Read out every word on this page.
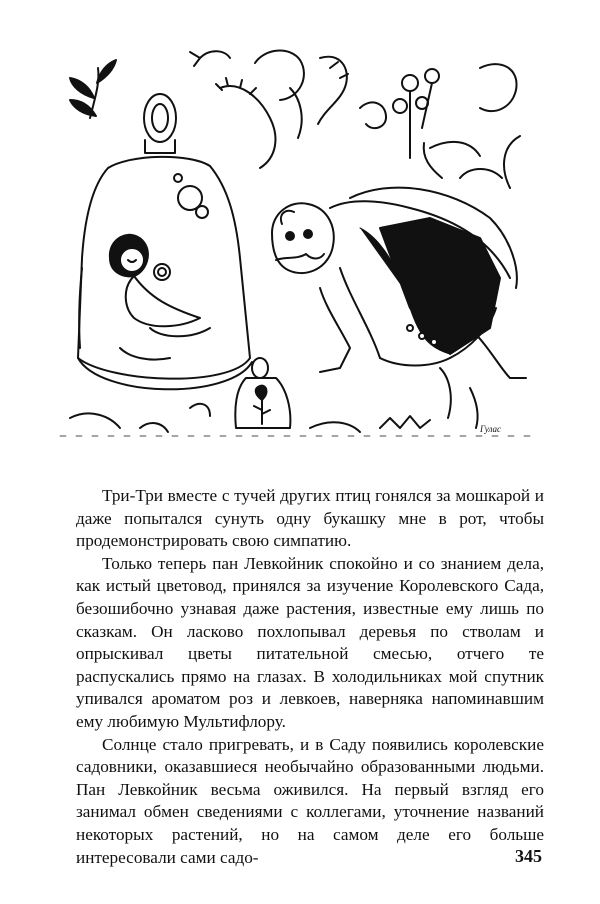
Гулас

Три-Три вместе с тучей других птиц гонялся за мошкарой и даже попытался сунуть одну букашку мне в рот, чтобы продемонстрировать свою симпатию.

Только теперь пан Левкойник спокойно и со знанием дела, как истый цветовод, принялся за изучение Королевского Сада, безошибочно узнавая даже растения, известные ему лишь по сказкам. Он ласково похлопывал деревья по стволам и опрыскивал цветы питательной смесью, отчего те распускались прямо на глазах. В холодильниках мой спутник упивался ароматом роз и левкоев, наверняка напоминавшим ему любимую Мультифлору.

Солнце стало пригревать, и в Саду появились королевские садовники, оказавшиеся необычайно образованными людьми. Пан Левкойник весьма оживился. На первый взгляд его занимал обмен сведениями с коллегами, уточнение названий некоторых растений, но на самом деле его больше интересовали сами садо-	345
